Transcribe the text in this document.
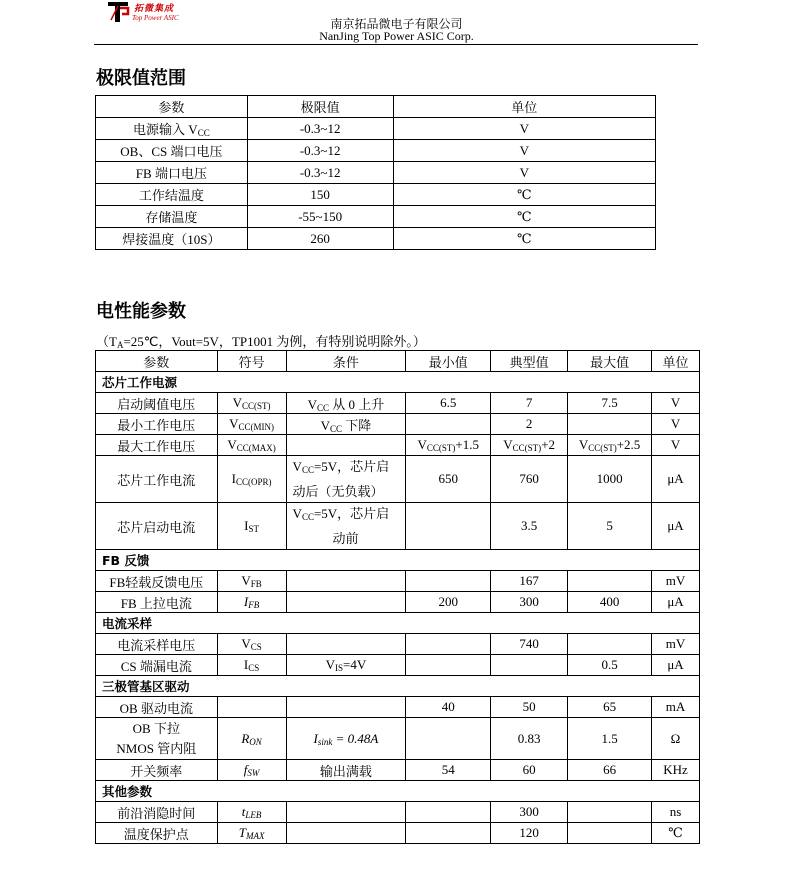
拓微集成
Top Power ASIC	南京拓品微电子有限公司
NanJing Top Power ASIC Corp.
极限值范围
参数	极限值	单位
电源输入 $V_{CC}$	-0.3~12	V
OB、CS 端口电压	-0.3~12	V
FB 端口电压	-0.3~12	V
工作结温度	150	℃
存储温度	-55~150	℃
焊接温度（10S）	260	℃
电性能参数
（$T_A=25℃$，Vout=5V，TP1001 为例，有特别说明除外。）
参数	符号	条件	最小值	典型值	最大值	单位
芯片工作电源						
启动阈值电压	$V_{CC(ST)}$	$V_{CC}$ 从 0 上升	6.5	7	7.5	V
最小工作电压	$V_{CC(MIN)}$	$V_{CC}$ 下降		2		V
最大工作电压	$V_{CC(MAX)}$		$V_{CC(ST)}+1.5$	$V_{CC(ST)}+2$	$V_{CC(ST)}+2.5$	V
芯片工作电流	$I_{CC(OPR)}$	$V_{CC}=5V$，芯片启
动后（无负载）	650	760	1000	μA
芯片启动电流	$I_{ST}$	$V_{CC}=5V$，芯片启
动前		3.5	5	μA
FB 反馈						
FB轻载反馈电压	$V_{FB}$			167		mV
FB 上拉电流	$I_{FB}$		200	300	400	μA
电流采样						
电流采样电压	$V_{CS}$			740		mV
CS 端漏电流	$I_{CS}$	$V_{IS}=4V$			0.5	μA
三极管基区驱动						
OB 驱动电流			40	50	65	mA
OB 下拉
NMOS 管内阻	$R_{ON}$	$I_{sink} = 0.48A$		0.83	1.5	Ω
开关频率	$f_{SW}$	输出满载	54	60	66	KHz
其他参数						
前沿消隐时间	$t_{LEB}$			300		ns
温度保护点	$T_{MAX}$			120		℃
